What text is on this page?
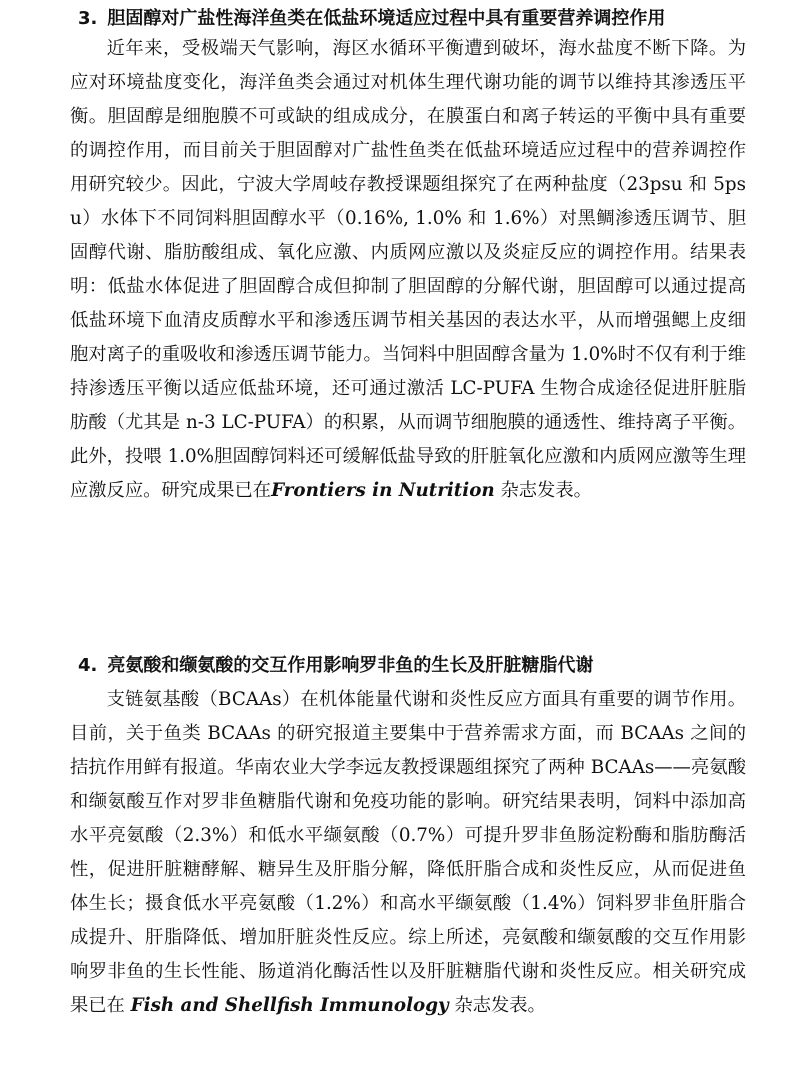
3. 胆固醇对广盐性海洋鱼类在低盐环境适应过程中具有重要营养调控作用

近年来，受极端天气影响，海区水循环平衡遭到破坏，海水盐度不断下降。为应对环境盐度变化，海洋鱼类会通过对机体生理代谢功能的调节以维持其渗透压平衡。胆固醇是细胞膜不可或缺的组成成分，在膜蛋白和离子转运的平衡中具有重要的调控作用，而目前关于胆固醇对广盐性鱼类在低盐环境适应过程中的营养调控作用研究较少。因此，宁波大学周岐存教授课题组探究了在两种盐度（23psu 和 5psu）水体下不同饲料胆固醇水平（0.16%, 1.0% 和 1.6%）对黑鲷渗透压调节、胆固醇代谢、脂肪酸组成、氧化应激、内质网应激以及炎症反应的调控作用。结果表明：低盐水体促进了胆固醇合成但抑制了胆固醇的分解代谢，胆固醇可以通过提高低盐环境下血清皮质醇水平和渗透压调节相关基因的表达水平，从而增强鳃上皮细胞对离子的重吸收和渗透压调节能力。当饲料中胆固醇含量为 1.0%时不仅有利于维持渗透压平衡以适应低盐环境，还可通过激活 LC-PUFA 生物合成途径促进肝脏脂肪酸（尤其是 n-3 LC-PUFA）的积累，从而调节细胞膜的通透性、维持离子平衡。此外，投喂 1.0%胆固醇饲料还可缓解低盐导致的肝脏氧化应激和内质网应激等生理应激反应。研究成果已在Frontiers in Nutrition 杂志发表。

4. 亮氨酸和缬氨酸的交互作用影响罗非鱼的生长及肝脏糖脂代谢

支链氨基酸（BCAAs）在机体能量代谢和炎性反应方面具有重要的调节作用。目前，关于鱼类 BCAAs 的研究报道主要集中于营养需求方面，而 BCAAs 之间的拮抗作用鲜有报道。华南农业大学李远友教授课题组探究了两种 BCAAs——亮氨酸和缬氨酸互作对罗非鱼糖脂代谢和免疫功能的影响。研究结果表明，饲料中添加高水平亮氨酸（2.3%）和低水平缬氨酸（0.7%）可提升罗非鱼肠淀粉酶和脂肪酶活性，促进肝脏糖酵解、糖异生及肝脂分解，降低肝脂合成和炎性反应，从而促进鱼体生长；摄食低水平亮氨酸（1.2%）和高水平缬氨酸（1.4%）饲料罗非鱼肝脂合成提升、肝脂降低、增加肝脏炎性反应。综上所述，亮氨酸和缬氨酸的交互作用影响罗非鱼的生长性能、肠道消化酶活性以及肝脏糖脂代谢和炎性反应。相关研究成果已在 Fish and Shellfish Immunology 杂志发表。
